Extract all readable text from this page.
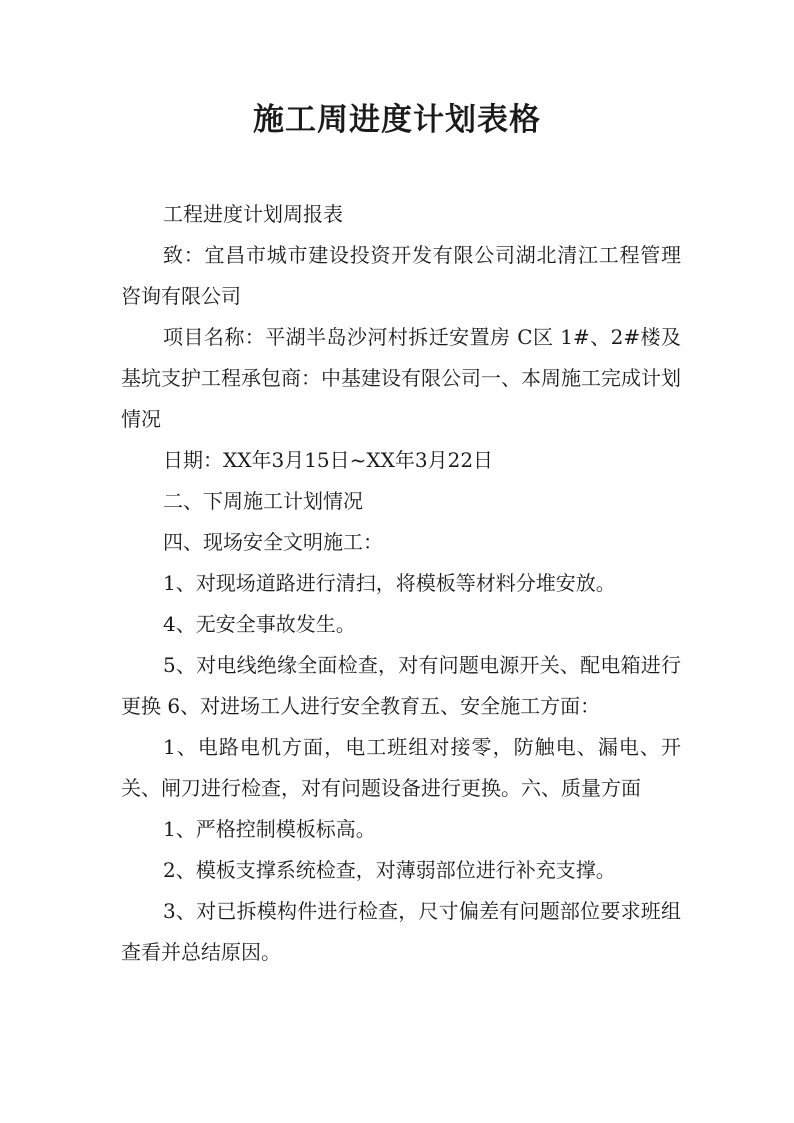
施工周进度计划表格

工程进度计划周报表

致：宜昌市城市建设投资开发有限公司湖北清江工程管理咨询有限公司

项目名称：平湖半岛沙河村拆迁安置房 C区 1#、2#楼及基坑支护工程承包商：中基建设有限公司一、本周施工完成计划情况

日期：XX年3月15日~XX年3月22日

二、下周施工计划情况

四、现场安全文明施工：

1、对现场道路进行清扫，将模板等材料分堆安放。

4、无安全事故发生。

5、对电线绝缘全面检查，对有问题电源开关、配电箱进行更换 6、对进场工人进行安全教育五、安全施工方面：

1、电路电机方面，电工班组对接零，防触电、漏电、开关、闸刀进行检查，对有问题设备进行更换。六、质量方面

1、严格控制模板标高。

2、模板支撑系统检查，对薄弱部位进行补充支撑。

3、对已拆模构件进行检查，尺寸偏差有问题部位要求班组查看并总结原因。
